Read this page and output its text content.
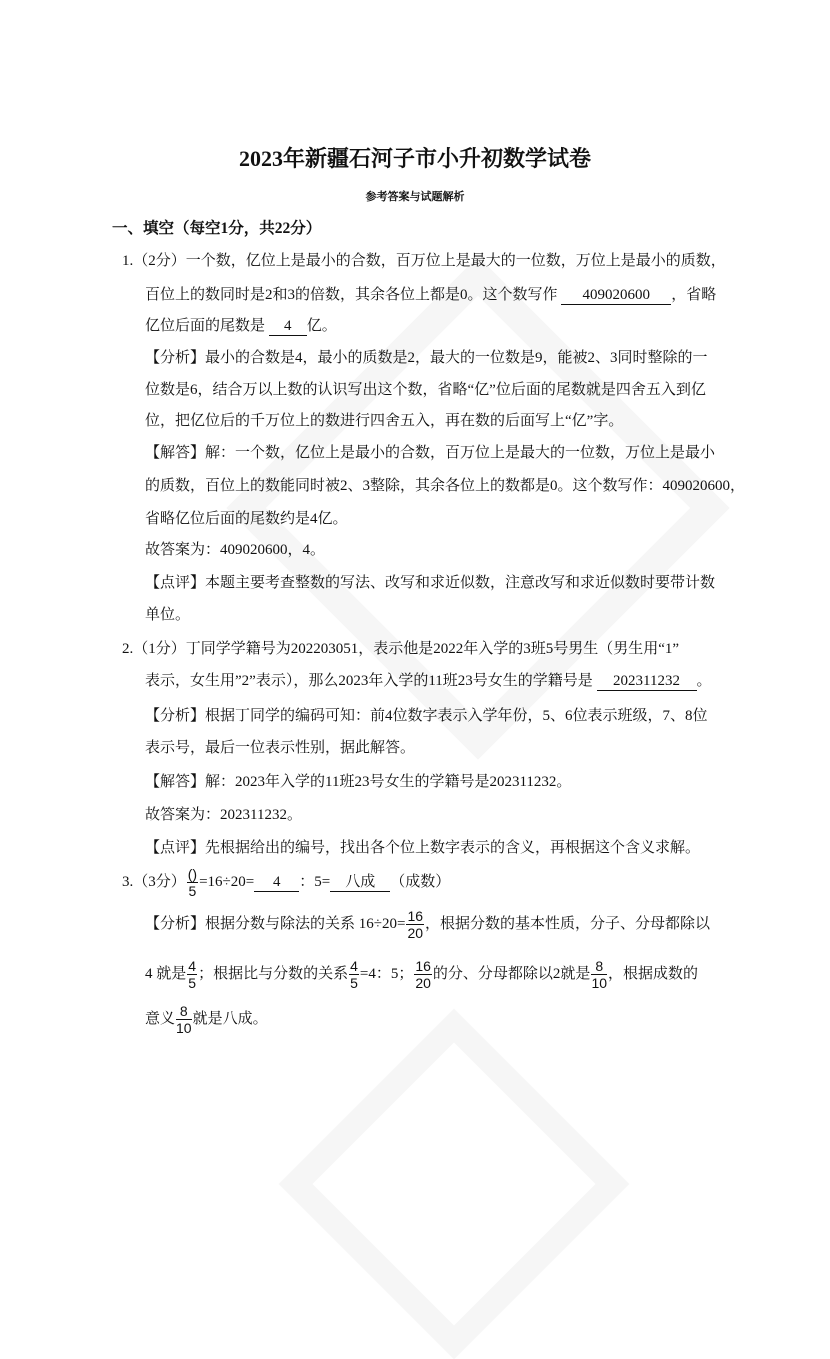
2023年新疆石河子市小升初数学试卷
参考答案与试题解析
一、填空（每空1分，共22分）
1.（2分）一个数，亿位上是最小的合数，百万位上是最大的一位数，万位上是最小的质数，
百位上的数同时是2和3的倍数，其余各位上都是0。这个数写作 409020600 ，省略
亿位后面的尾数是 4 亿。
【分析】最小的合数是4，最小的质数是2，最大的一位数是9，能被2、3同时整除的一
位数是6，结合万以上数的认识写出这个数，省略“亿”位后面的尾数就是四舍五入到亿
位，把亿位后的千万位上的数进行四舍五入，再在数的后面写上“亿”字。
【解答】解：一个数，亿位上是最小的合数，百万位上是最大的一位数，万位上是最小
的质数，百位上的数能同时被2、3整除，其余各位上的数都是0。这个数写作：409020600，
省略亿位后面的尾数约是4亿。
故答案为：409020600，4。
【点评】本题主要考查整数的写法、改写和求近似数，注意改写和求近似数时要带计数
单位。
2.（1分）丁同学学籍号为202203051，表示他是2022年入学的3班5号男生（男生用“1”
表示，女生用”2”表示），那么2023年入学的11班23号女生的学籍号是 202311232 。
【分析】根据丁同学的编码可知：前4位数字表示入学年份，5、6位表示班级，7、8位
表示号，最后一位表示性别，据此解答。
【解答】解：2023年入学的11班23号女生的学籍号是202311232。
故答案为：202311232。
【点评】先根据给出的编号，找出各个位上数字表示的含义，再根据这个含义求解。
3.（3分） ()
5
=16÷20= 4 ：5= 八成 （成数）
【分析】根据分数与除法的关系 $16\div 20= \frac{16}{20}$ ，根据分数的基本性质，分子、分母都除以
4 就是 $\frac{4}{5}$ ；根据比与分数的关系 $\frac{4}{5} =4$：5； $\frac{16}{20}$ 的分、分母都除以2就是 $\frac{8}{10}$ ，根据成数的
意义 $\frac{8}{10}$ 就是八成。
